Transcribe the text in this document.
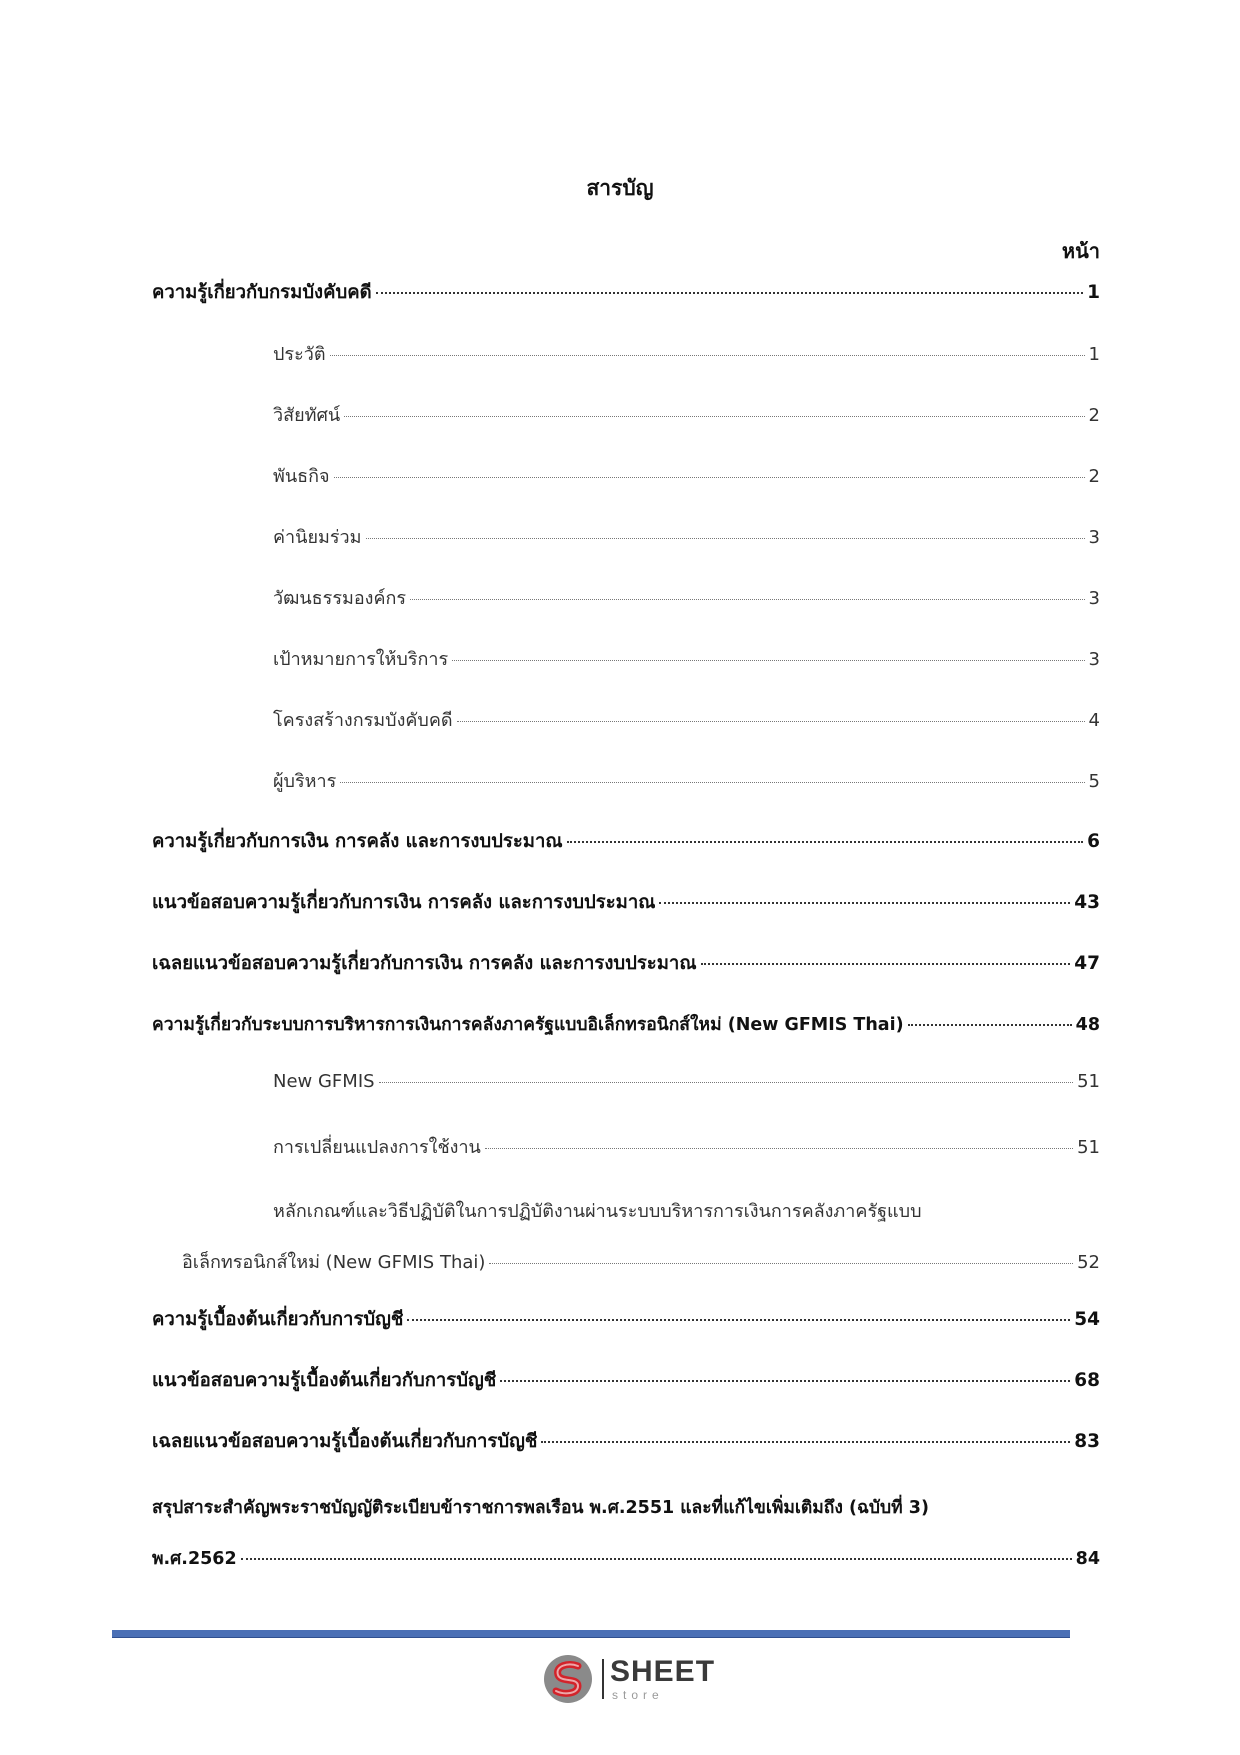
สารบัญ
หน้า
ความรู้เกี่ยวกับกรมบังคับคดี	1
ประวัติ	1
วิสัยทัศน์	2
พันธกิจ	2
ค่านิยมร่วม	3
วัฒนธรรมองค์กร	3
เป้าหมายการให้บริการ	3
โครงสร้างกรมบังคับคดี	4
ผู้บริหาร	5
ความรู้เกี่ยวกับการเงิน การคลัง และการงบประมาณ	6
แนวข้อสอบความรู้เกี่ยวกับการเงิน การคลัง และการงบประมาณ	43
เฉลยแนวข้อสอบความรู้เกี่ยวกับการเงิน การคลัง และการงบประมาณ	47
ความรู้เกี่ยวกับระบบการบริหารการเงินการคลังภาครัฐแบบอิเล็กทรอนิกส์ใหม่ (New GFMIS Thai)	48
New GFMIS	51
การเปลี่ยนแปลงการใช้งาน	51
หลักเกณฑ์และวิธีปฏิบัติในการปฏิบัติงานผ่านระบบบริหารการเงินการคลังภาครัฐแบบ
อิเล็กทรอนิกส์ใหม่ (New GFMIS Thai)	52
ความรู้เบื้องต้นเกี่ยวกับการบัญชี	54
แนวข้อสอบความรู้เบื้องต้นเกี่ยวกับการบัญชี	68
เฉลยแนวข้อสอบความรู้เบื้องต้นเกี่ยวกับการบัญชี	83
สรุปสาระสำคัญพระราชบัญญัติระเบียบข้าราชการพลเรือน พ.ศ.2551 และที่แก้ไขเพิ่มเติมถึง (ฉบับที่ 3)
พ.ศ.2562	84
SHEET
store
